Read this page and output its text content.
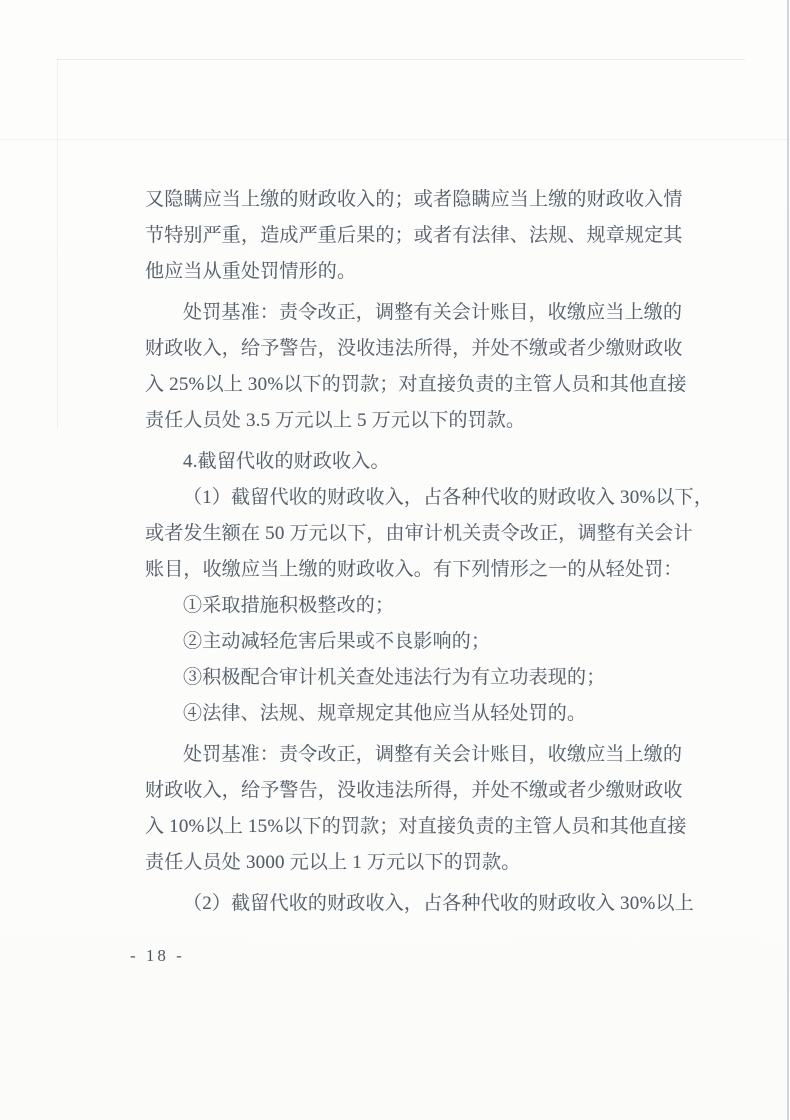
又隐瞒应当上缴的财政收入的；或者隐瞒应当上缴的财政收入情
节特别严重，造成严重后果的；或者有法律、法规、规章规定其
他应当从重处罚情形的。
处罚基准：责令改正，调整有关会计账目，收缴应当上缴的
财政收入，给予警告，没收违法所得，并处不缴或者少缴财政收
入 25%以上 30%以下的罚款；对直接负责的主管人员和其他直接
责任人员处 3.5 万元以上 5 万元以下的罚款。
4.截留代收的财政收入。
（1）截留代收的财政收入，占各种代收的财政收入 30%以下，
或者发生额在 50 万元以下，由审计机关责令改正，调整有关会计
账目，收缴应当上缴的财政收入。有下列情形之一的从轻处罚：
①采取措施积极整改的；
②主动减轻危害后果或不良影响的；
③积极配合审计机关查处违法行为有立功表现的；
④法律、法规、规章规定其他应当从轻处罚的。
处罚基准：责令改正，调整有关会计账目，收缴应当上缴的
财政收入，给予警告，没收违法所得，并处不缴或者少缴财政收
入 10%以上 15%以下的罚款；对直接负责的主管人员和其他直接
责任人员处 3000 元以上 1 万元以下的罚款。
（2）截留代收的财政收入，占各种代收的财政收入 30%以上
- 18 -
